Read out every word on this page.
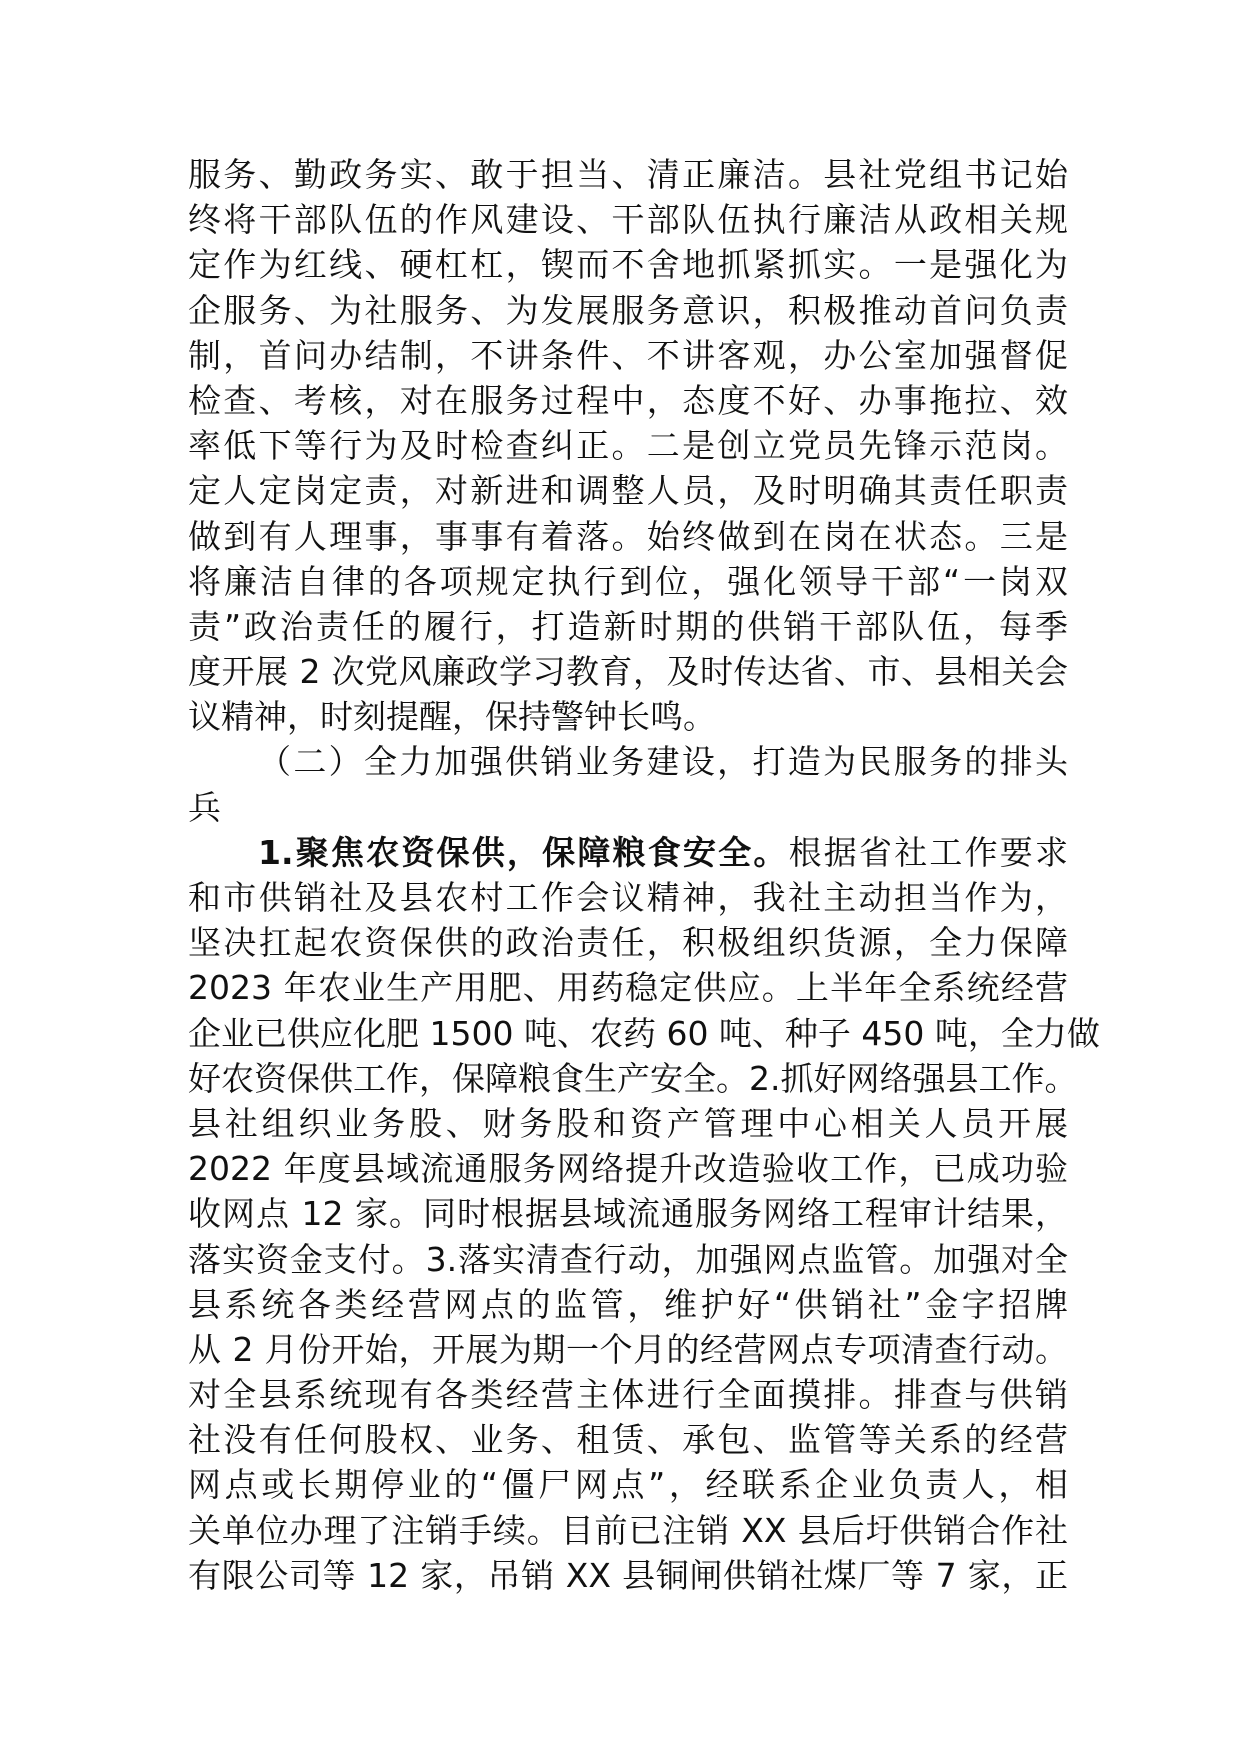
服务、勤政务实、敢于担当、清正廉洁。县社党组书记始
终将干部队伍的作风建设、干部队伍执行廉洁从政相关规
定作为红线、硬杠杠，锲而不舍地抓紧抓实。一是强化为
企服务、为社服务、为发展服务意识，积极推动首问负责
制，首问办结制，不讲条件、不讲客观，办公室加强督促
检查、考核，对在服务过程中，态度不好、办事拖拉、效
率低下等行为及时检查纠正。二是创立党员先锋示范岗。
定人定岗定责，对新进和调整人员，及时明确其责任职责
做到有人理事，事事有着落。始终做到在岗在状态。三是
将廉洁自律的各项规定执行到位，强化领导干部“一岗双
责”政治责任的履行，打造新时期的供销干部队伍，每季
度开展 2 次党风廉政学习教育，及时传达省、市、县相关会
议精神，时刻提醒，保持警钟长鸣。
（二）全力加强供销业务建设，打造为民服务的排头
兵
1.聚焦农资保供，保障粮食安全。根据省社工作要求
和市供销社及县农村工作会议精神，我社主动担当作为，
坚决扛起农资保供的政治责任，积极组织货源，全力保障
2023 年农业生产用肥、用药稳定供应。上半年全系统经营
企业已供应化肥 1500 吨、农药 60 吨、种子 450 吨，全力做
好农资保供工作，保障粮食生产安全。2.抓好网络强县工作。
县社组织业务股、财务股和资产管理中心相关人员开展
2022 年度县域流通服务网络提升改造验收工作，已成功验
收网点 12 家。同时根据县域流通服务网络工程审计结果，
落实资金支付。3.落实清查行动，加强网点监管。加强对全
县系统各类经营网点的监管，维护好“供销社”金字招牌
从 2 月份开始，开展为期一个月的经营网点专项清查行动。
对全县系统现有各类经营主体进行全面摸排。排查与供销
社没有任何股权、业务、租赁、承包、监管等关系的经营
网点或长期停业的“僵尸网点”，经联系企业负责人，相
关单位办理了注销手续。目前已注销 XX 县后圩供销合作社
有限公司等 12 家，吊销 XX 县铜闸供销社煤厂等 7 家，正
